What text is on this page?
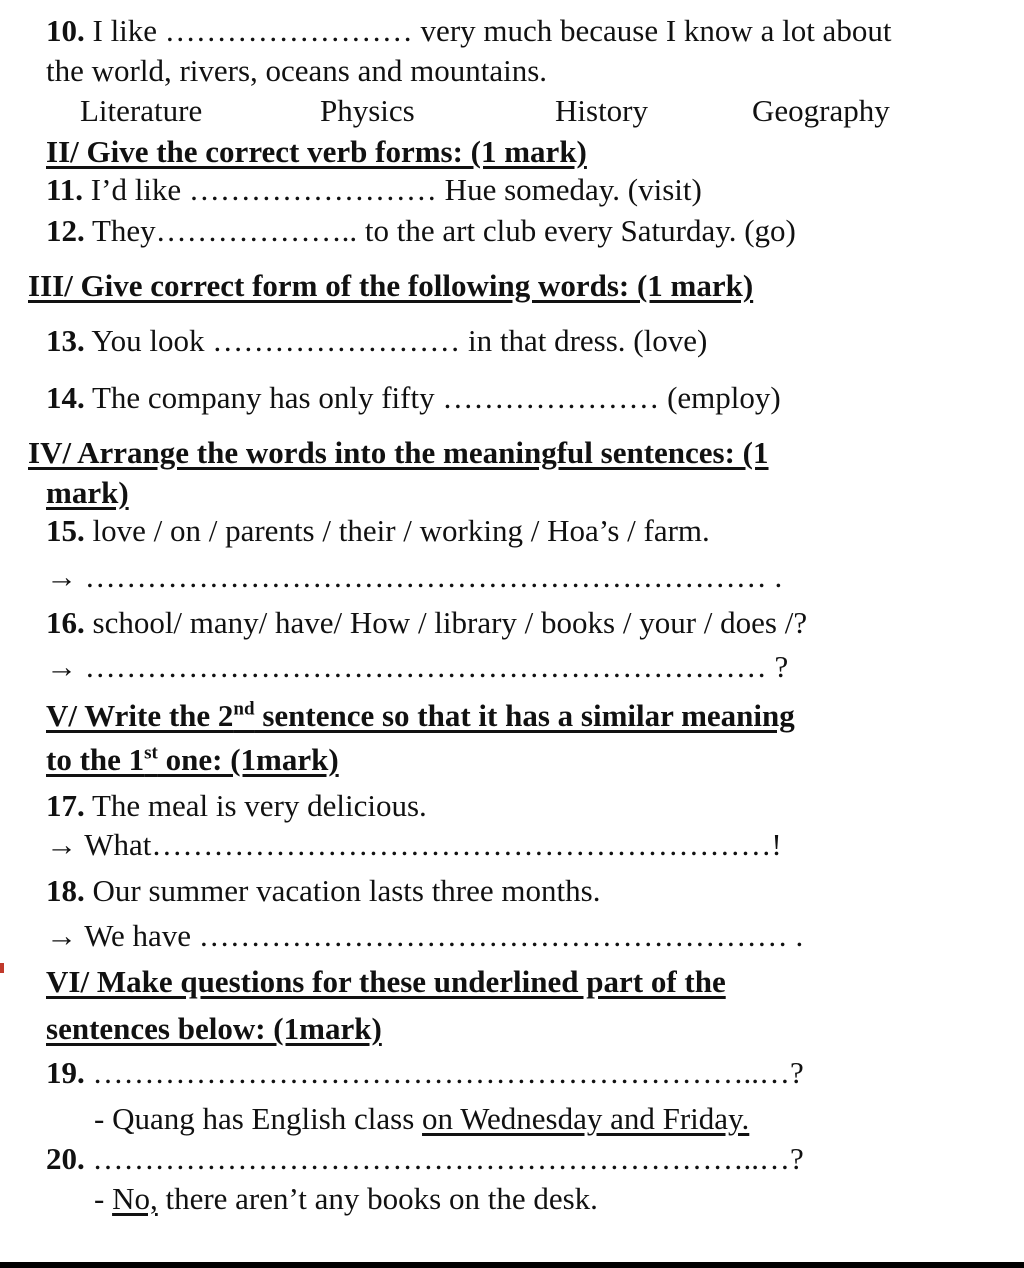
10. I like …………………… very much because I know a lot about
the world, rivers, oceans and mountains.
Literature	Physics	History	Geography
II/ Give the correct verb forms: (1 mark)
11. I’d like …………………… Hue someday. (visit)
12. They……………….. to the art club every Saturday. (go)
III/ Give correct form of the following words: (1 mark)
13. You look …………………… in that dress. (love)
14. The company has only fifty ………………… (employ)
IV/ Arrange the words into the meaningful sentences: (1
mark)
15. love / on / parents / their / working / Hoa’s / farm.
→ ………………………………………………………… .
16. school/ many/ have/ How / library / books / your / does /?
→ ………………………………………………………… ?
V/ Write the 2nd sentence so that it has a similar meaning
to the 1st one: (1mark)
17. The meal is very delicious.
→ What……………………………………………………!
18. Our summer vacation lasts three months.
→ We have ………………………………………………… .
VI/ Make questions for these underlined part of the
sentences below: (1mark)
19. ………………………………………………………..…?
- Quang has English class on Wednesday and Friday.
20. ………………………………………………………..…?
- No, there aren’t any books on the desk.
